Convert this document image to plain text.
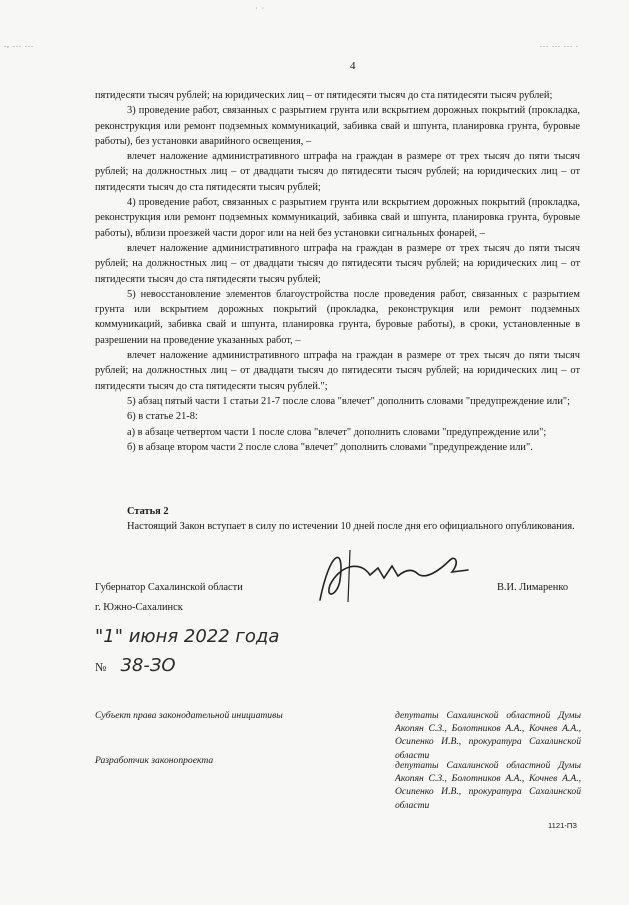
., ... ...
· ·
... ... ... .
4

пятидесяти тысяч рублей; на юридических лиц – от пятидесяти тысяч до ста пятидесяти тысяч рублей;

3) проведение работ, связанных с разрытием грунта или вскрытием дорожных покрытий (прокладка, реконструкция или ремонт подземных коммуникаций, забивка свай и шпунта, планировка грунта, буровые работы), без установки аварийного освещения, –

влечет наложение административного штрафа на граждан в размере от трех тысяч до пяти тысяч рублей; на должностных лиц – от двадцати тысяч до пятидесяти тысяч рублей; на юридических лиц – от пятидесяти тысяч до ста пятидесяти тысяч рублей;

4) проведение работ, связанных с разрытием грунта или вскрытием дорожных покрытий (прокладка, реконструкция или ремонт подземных коммуникаций, забивка свай и шпунта, планировка грунта, буровые работы), вблизи проезжей части дорог или на ней без установки сигнальных фонарей, –

влечет наложение административного штрафа на граждан в размере от трех тысяч до пяти тысяч рублей; на должностных лиц – от двадцати тысяч до пятидесяти тысяч рублей; на юридических лиц – от пятидесяти тысяч до ста пятидесяти тысяч рублей;

5) невосстановление элементов благоустройства после проведения работ, связанных с разрытием грунта или вскрытием дорожных покрытий (прокладка, реконструкция или ремонт подземных коммуникаций, забивка свай и шпунта, планировка грунта, буровые работы), в сроки, установленные в разрешении на проведение указанных работ, –

влечет наложение административного штрафа на граждан в размере от трех тысяч до пяти тысяч рублей; на должностных лиц – от двадцати тысяч до пятидесяти тысяч рублей; на юридических лиц – от пятидесяти тысяч до ста пятидесяти тысяч рублей.";

5) абзац пятый части 1 статьи 21-7 после слова "влечет" дополнить словами "предупреждение или";

6) в статье 21-8:

а) в абзаце четвертом части 1 после слова "влечет" дополнить словами "предупреждение или";

б) в абзаце втором части 2 после слова "влечет" дополнить словами "предупреждение или".

Статья 2

Настоящий Закон вступает в силу по истечении 10 дней после дня его официального опубликования.

Губернатор Сахалинской области	В.И. Лимаренко
г. Южно-Сахалинск
"1" июня 2022 года
№ 38-ЗО
Субъект права законодательной инициативы	депутаты Сахалинской областной Думы Акопян С.З., Болотников А.А., Кочнев А.А., Осипенко И.В., прокуратура Сахалинской области
Разработчик законопроекта	депутаты Сахалинской областной Думы Акопян С.З., Болотников А.А., Кочнев А.А., Осипенко И.В., прокуратура Сахалинской области
1121-ПЗ
